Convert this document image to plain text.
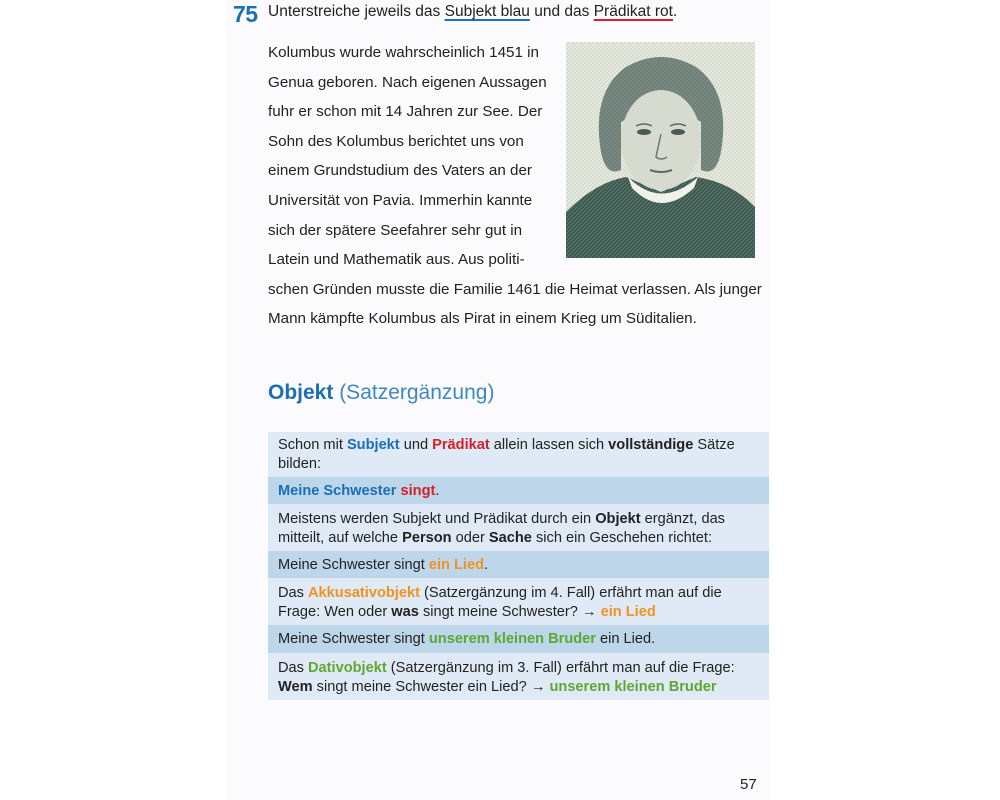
75 Unterstreiche jeweils das Subjekt blau und das Prädikat rot.
Kolumbus wurde wahrscheinlich 1451 in
Genua geboren. Nach eigenen Aussagen
fuhr er schon mit 14 Jahren zur See. Der
Sohn des Kolumbus berichtet uns von
einem Grundstudium des Vaters an der
Universität von Pavia. Immerhin kannte
sich der spätere Seefahrer sehr gut in
Latein und Mathematik aus. Aus politi-
schen Gründen musste die Familie 1461 die Heimat verlassen. Als junger
Mann kämpfte Kolumbus als Pirat in einem Krieg um Süditalien.
Objekt (Satzergänzung)
Schon mit Subjekt und Prädikat allein lassen sich vollständige Sätze bilden:
Meine Schwester singt.
Meistens werden Subjekt und Prädikat durch ein Objekt ergänzt, das mitteilt, auf welche Person oder Sache sich ein Geschehen richtet:
Meine Schwester singt ein Lied.
Das Akkusativobjekt (Satzergänzung im 4. Fall) erfährt man auf die Frage: Wen oder was singt meine Schwester? → ein Lied
Meine Schwester singt unserem kleinen Bruder ein Lied.
Das Dativobjekt (Satzergänzung im 3. Fall) erfährt man auf die Frage: Wem singt meine Schwester ein Lied? → unserem kleinen Bruder
57
